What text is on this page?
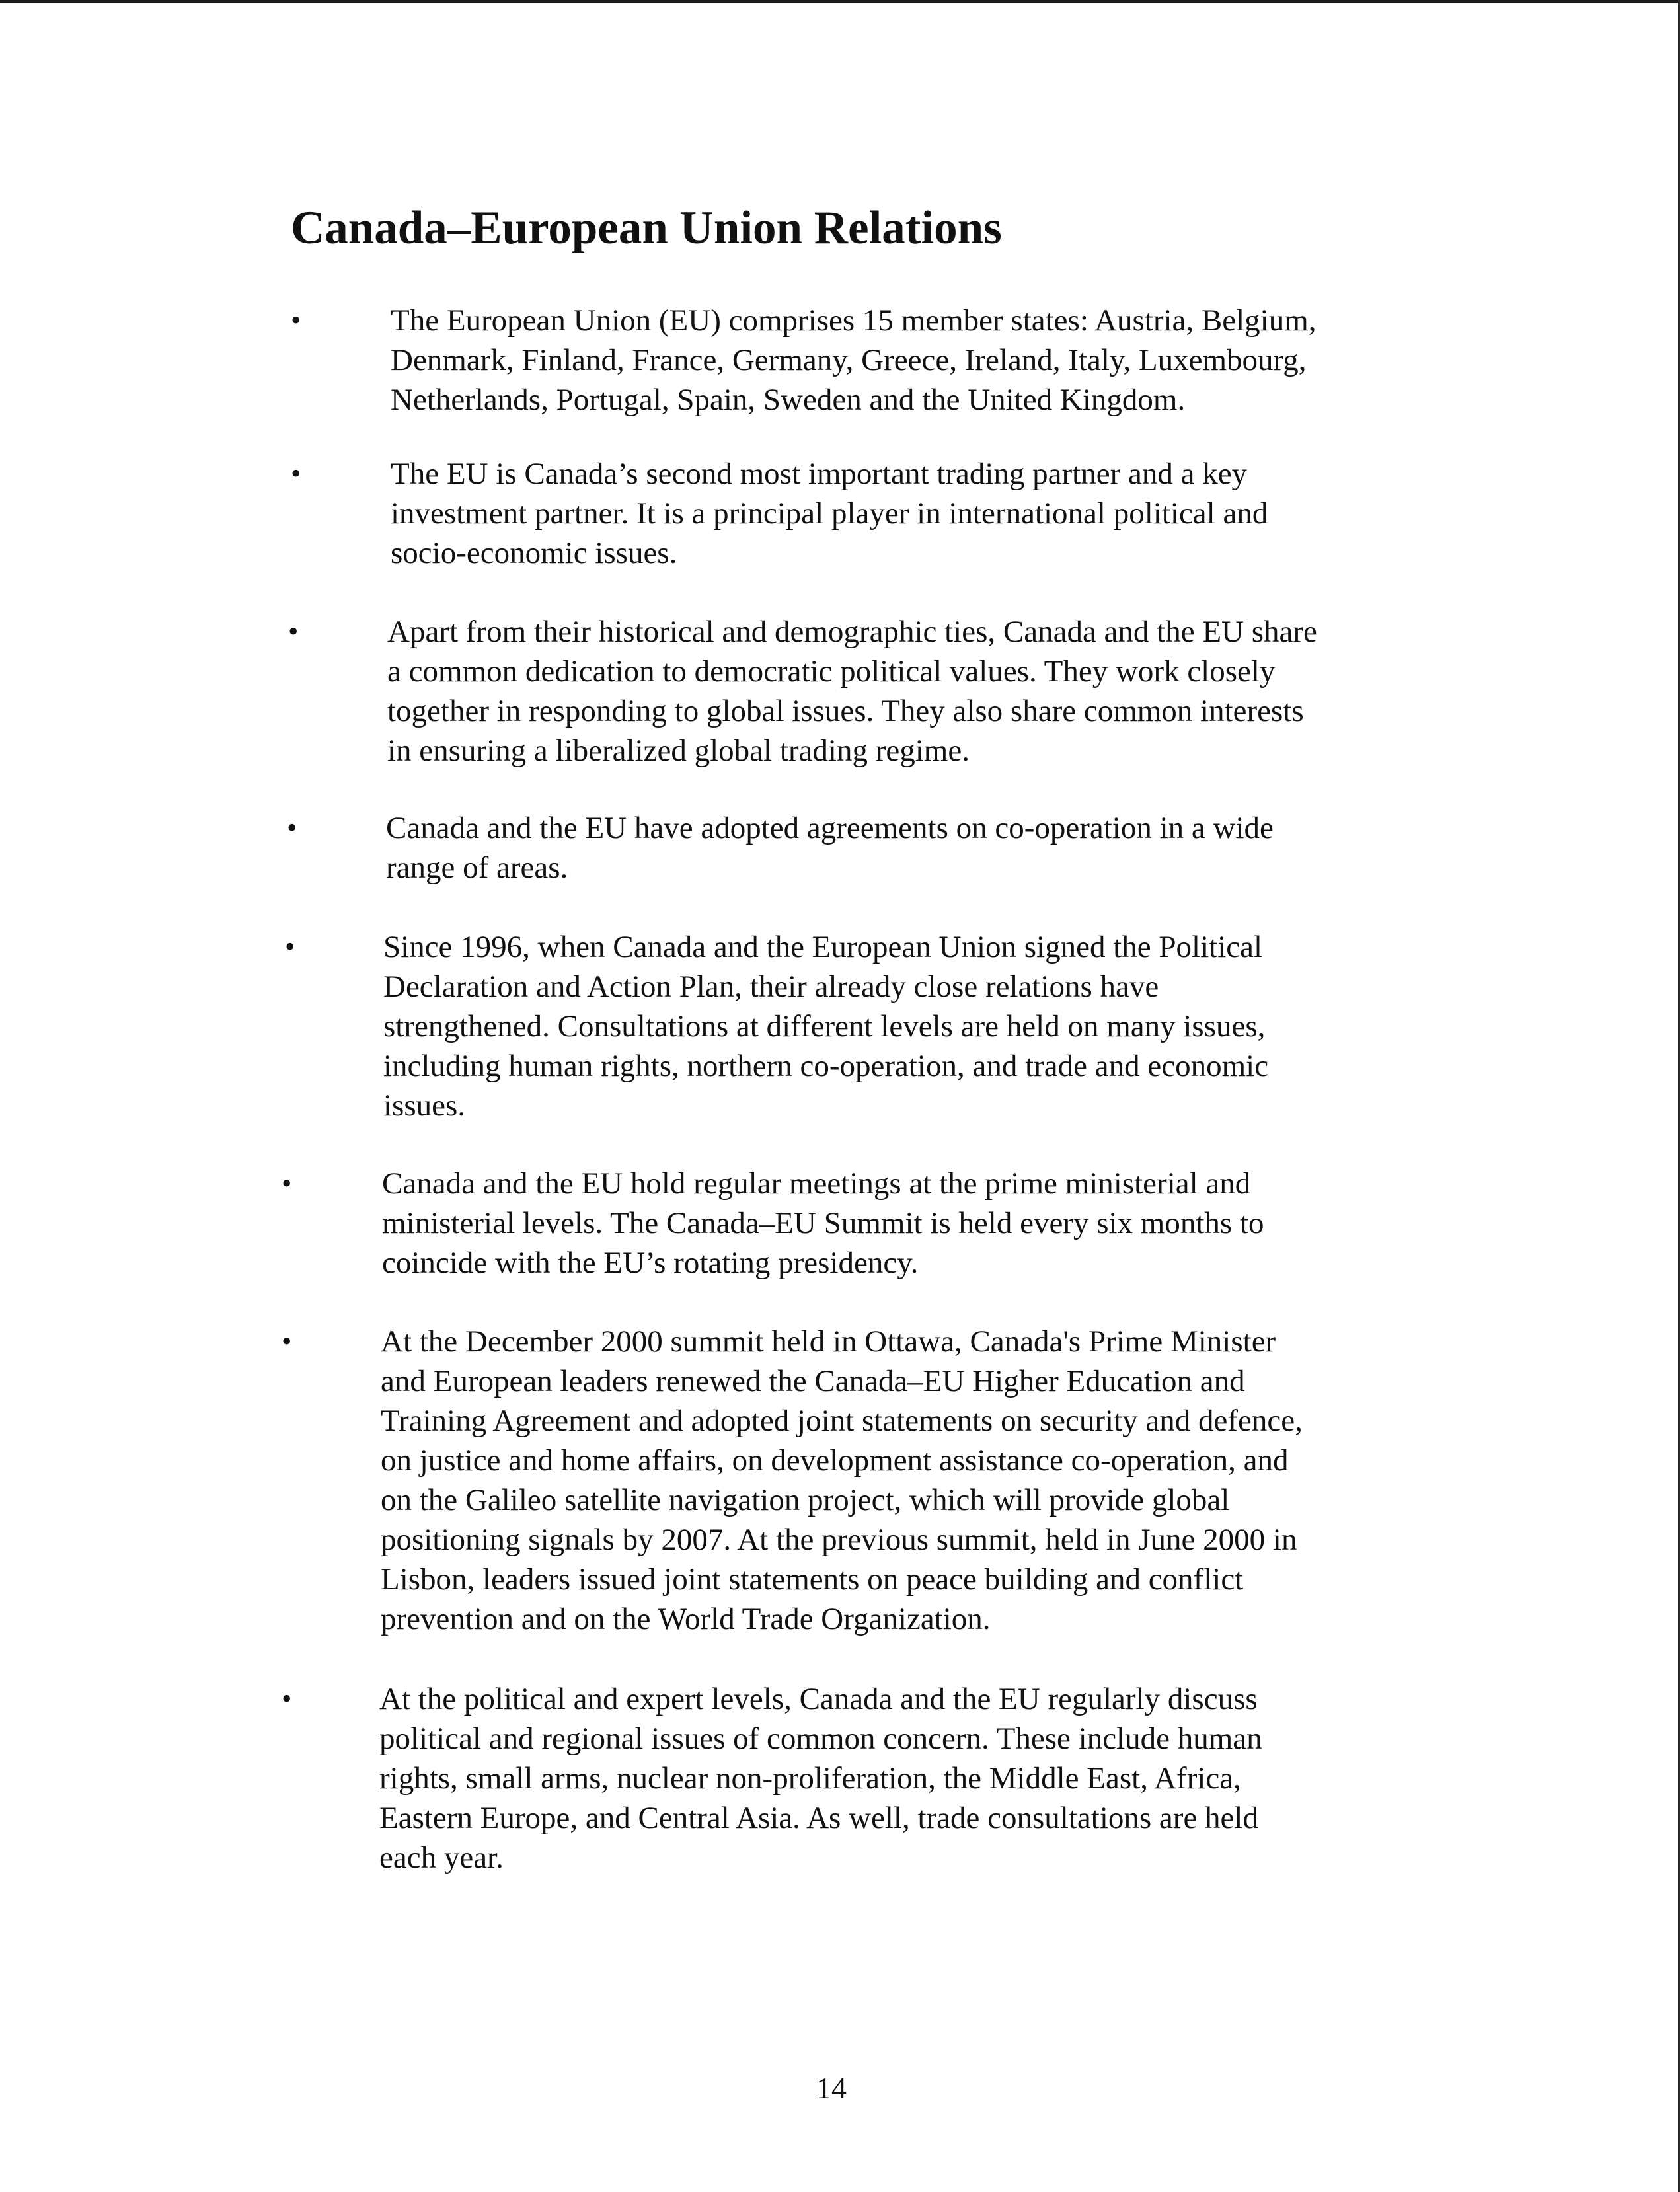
Canada–European Union Relations
•	The European Union (EU) comprises 15 member states: Austria, Belgium,
Denmark, Finland, France, Germany, Greece, Ireland, Italy, Luxembourg,
Netherlands, Portugal, Spain, Sweden and the United Kingdom.
•	The EU is Canada’s second most important trading partner and a key
investment partner. It is a principal player in international political and
socio-economic issues.
•	Apart from their historical and demographic ties, Canada and the EU share
a common dedication to democratic political values. They work closely
together in responding to global issues. They also share common interests
in ensuring a liberalized global trading regime.
•	Canada and the EU have adopted agreements on co-operation in a wide
range of areas.
•	Since 1996, when Canada and the European Union signed the Political
Declaration and Action Plan, their already close relations have
strengthened. Consultations at different levels are held on many issues,
including human rights, northern co-operation, and trade and economic
issues.
•	Canada and the EU hold regular meetings at the prime ministerial and
ministerial levels. The Canada–EU Summit is held every six months to
coincide with the EU’s rotating presidency.
•	At the December 2000 summit held in Ottawa, Canada's Prime Minister
and European leaders renewed the Canada–EU Higher Education and
Training Agreement and adopted joint statements on security and defence,
on justice and home affairs, on development assistance co-operation, and
on the Galileo satellite navigation project, which will provide global
positioning signals by 2007. At the previous summit, held in June 2000 in
Lisbon, leaders issued joint statements on peace building and conflict
prevention and on the World Trade Organization.
•	At the political and expert levels, Canada and the EU regularly discuss
political and regional issues of common concern. These include human
rights, small arms, nuclear non-proliferation, the Middle East, Africa,
Eastern Europe, and Central Asia. As well, trade consultations are held
each year.
14
